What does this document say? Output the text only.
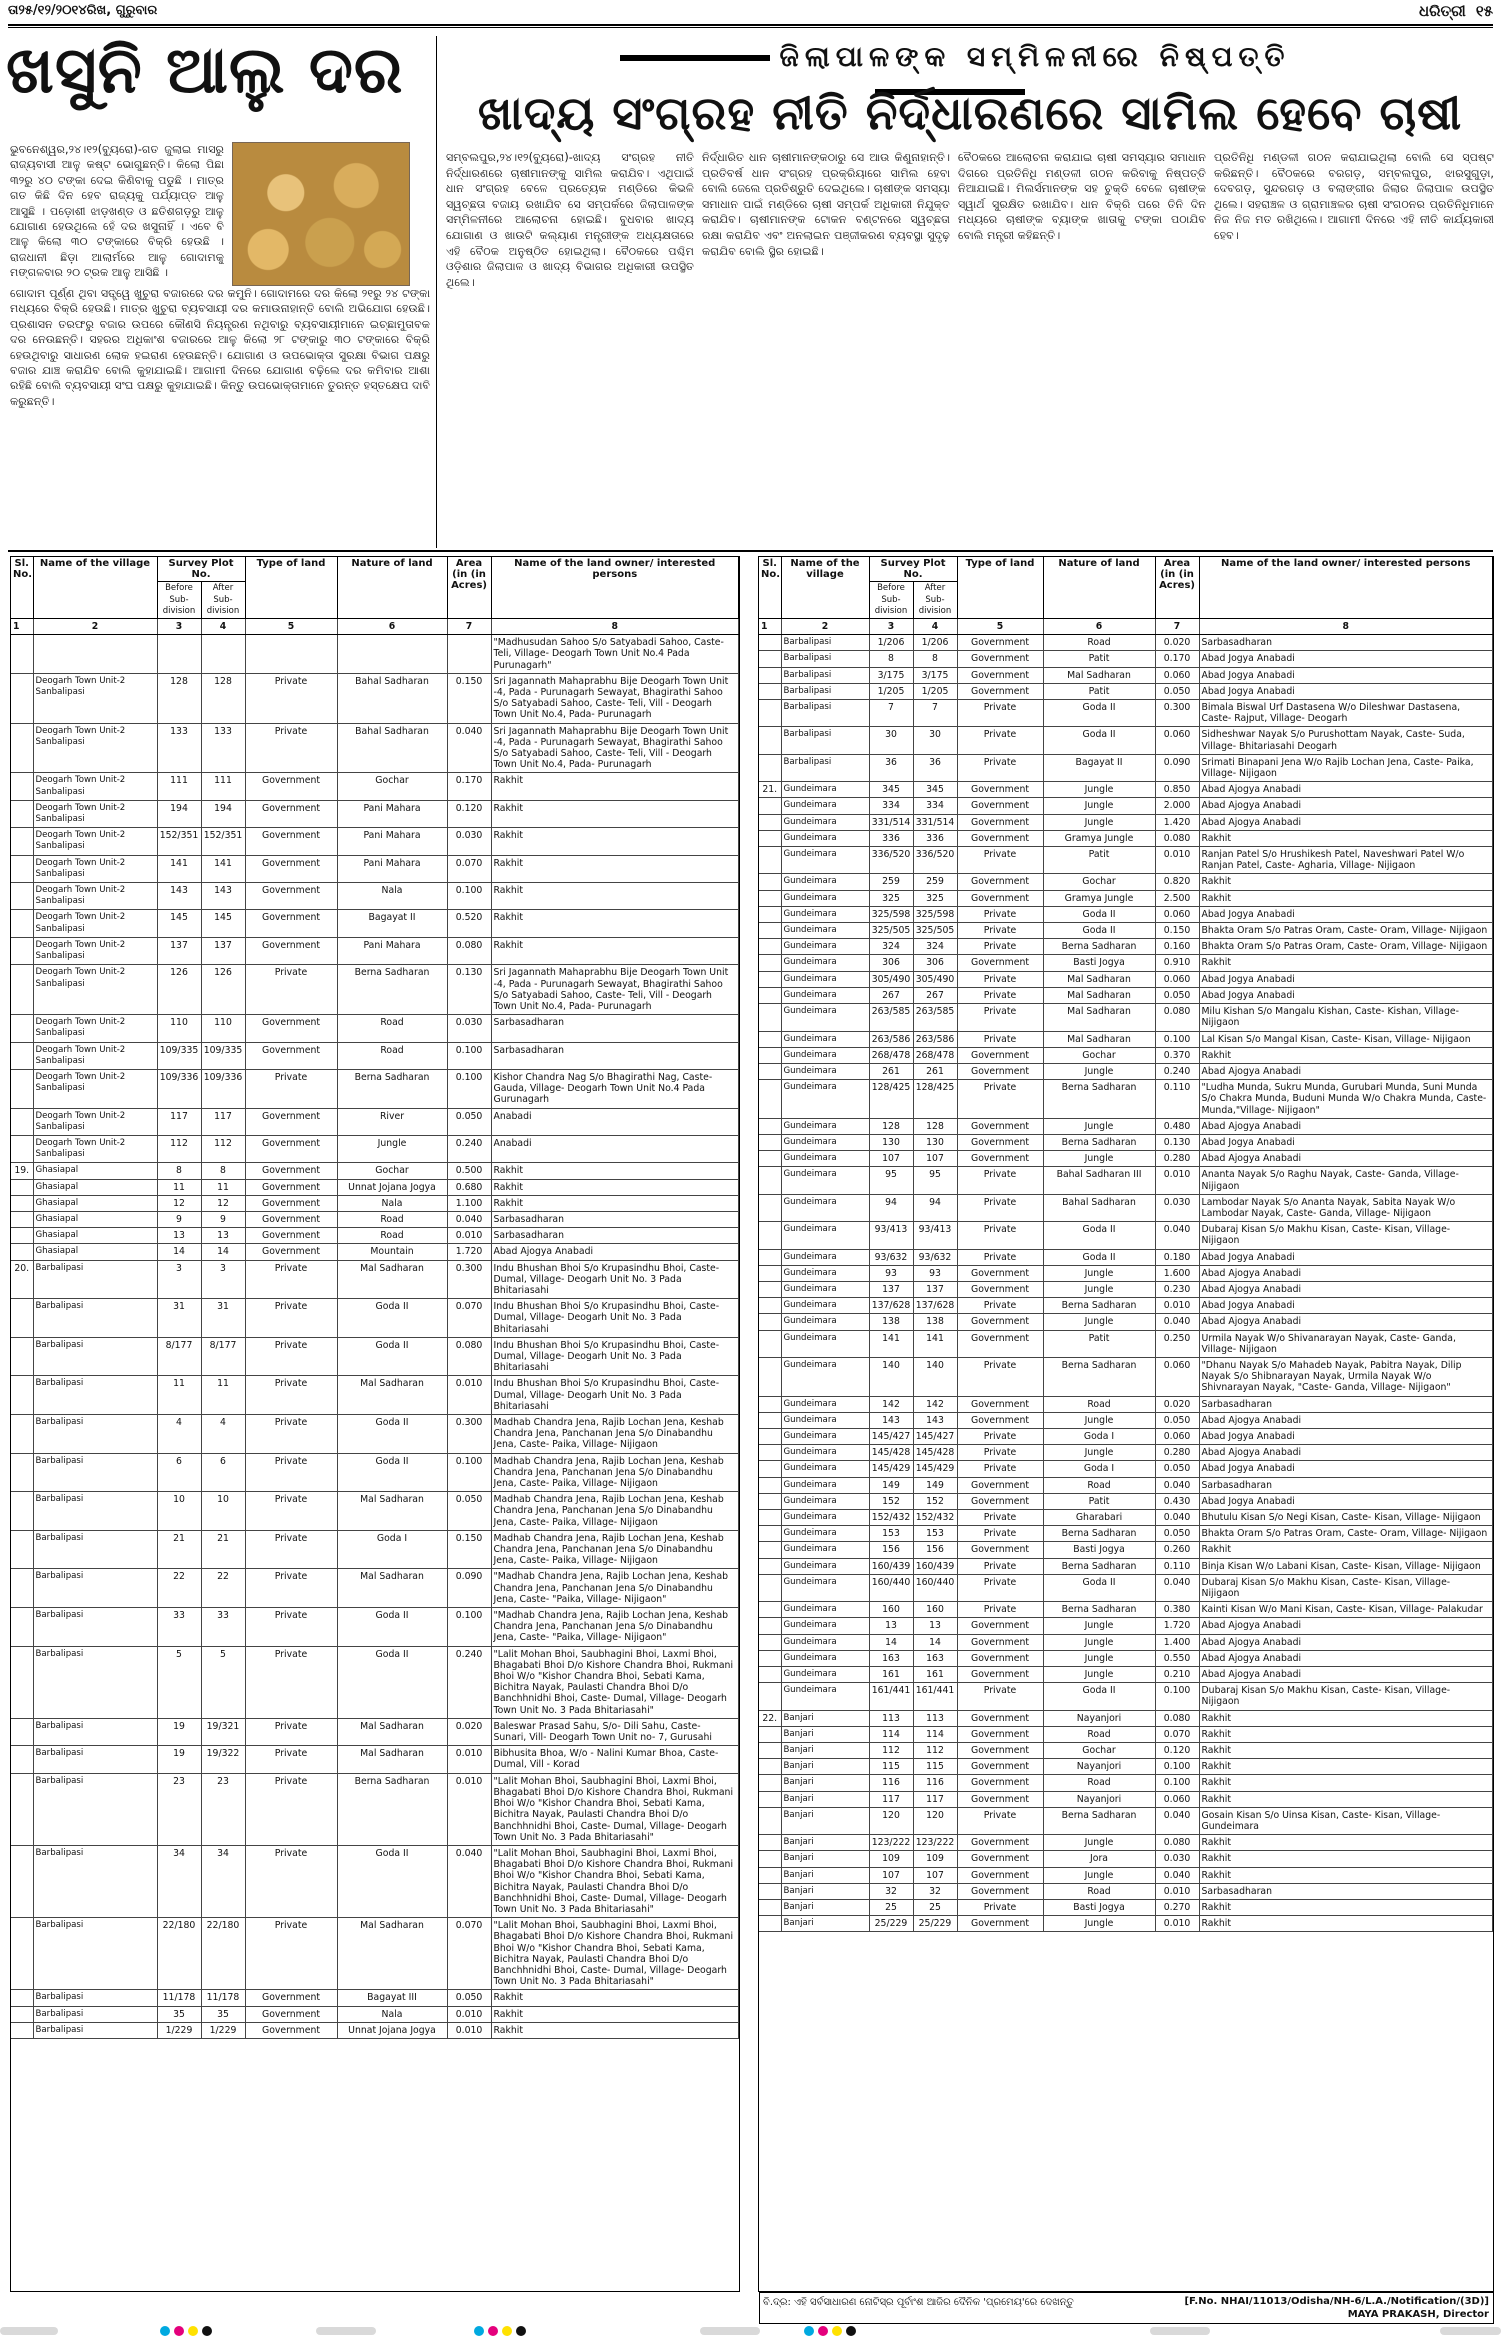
ତା୨୫/୧୨/୨୦୧୪ରିଖ, ଗୁରୁବାର	ଧରିତ୍ରୀ ୧୫
ଖସୁନି ଆଲୁ ଦର
ଭୁବନେଶ୍ୱର,୨୪।୧୨(ବ୍ୟୁରୋ)-ଗତ ଜୁଲାଇ ମାସରୁ ରାଜ୍ୟବାସୀ ଆଳୁ କଷ୍ଟ ଭୋଗୁଛନ୍ତି। କିଲୋ ପିଛା ୩୨ରୁ ୪୦ ଟଙ୍କା ଦେଇ କିଣିବାକୁ ପଡୁଛି । ମାତ୍ର ଗତ କିଛି ଦିନ ହେବ ରାଜ୍ୟକୁ ପର୍ଯ୍ୟାପ୍ତ ଆଳୁ ଆସୁଛି । ପଡ଼ୋଶୀ ଝାଡ଼ଖଣ୍ଡ ଓ ଛତିଶଗଡ଼ରୁ ଆଳୁ ଯୋଗାଣ ହେଉଥିଲେ ହେଁ ଦର ଖସୁନାହିଁ । ଏବେ ବି ଆଳୁ କିଲୋ ୩୦ ଟଙ୍କାରେ ବିକ୍ରି ହେଉଛି । ରାଜଧାନୀ ଛିଡ଼ା ଆଲାର୍ମରେ ଆଳୁ ଗୋଦାମକୁ ମଙ୍ଗଳବାର ୨୦ ଟ୍ରକ ଆଳୁ ଆସିଛି ।
ଗୋଦାମ ପୂର୍ଣ୍ଣ ଥିବା ସତ୍ତ୍ୱେ ଖୁଚୁରା ବଜାରରେ ଦର କମୁନି। ଗୋଦାମରେ ଦର କିଲୋ ୨୧ରୁ ୨୪ ଟଙ୍କା ମଧ୍ୟରେ ବିକ୍ରି ହେଉଛି। ମାତ୍ର ଖୁଚୁରା ବ୍ୟବସାୟୀ ଦର କମାଉନାହାନ୍ତି ବୋଲି ଅଭିଯୋଗ ହେଉଛି। ପ୍ରଶାସନ ତରଫରୁ ବଜାର ଉପରେ କୌଣସି ନିୟନ୍ତ୍ରଣ ନଥିବାରୁ ବ୍ୟବସାୟୀମାନେ ଇଚ୍ଛାମୁତାବକ ଦର ନେଉଛନ୍ତି। ସହରର ଅଧିକାଂଶ ବଜାରରେ ଆଳୁ କିଲୋ ୨୮ ଟଙ୍କାରୁ ୩୦ ଟଙ୍କାରେ ବିକ୍ରି ହେଉଥିବାରୁ ସାଧାରଣ ଲୋକ ହଇରାଣ ହେଉଛନ୍ତି। ଯୋଗାଣ ଓ ଉପଭୋକ୍ତା ସୁରକ୍ଷା ବିଭାଗ ପକ୍ଷରୁ ବଜାର ଯାଞ୍ଚ କରାଯିବ ବୋଲି କୁହାଯାଇଛି। ଆଗାମୀ ଦିନରେ ଯୋଗାଣ ବଢ଼ିଲେ ଦର କମିବାର ଆଶା ରହିଛି ବୋଲି ବ୍ୟବସାୟୀ ସଂଘ ପକ୍ଷରୁ କୁହାଯାଇଛି। କିନ୍ତୁ ଉପଭୋକ୍ତାମାନେ ତୁରନ୍ତ ହସ୍ତକ୍ଷେପ ଦାବି କରୁଛନ୍ତି।
ଜିଲାପାଳଙ୍କ ସମ୍ମିଳନୀରେ ନିଷ୍ପତ୍ତି
ଖାଦ୍ୟ ସଂଗ୍ରହ ନୀତି ନିର୍ଦ୍ଧାରଣରେ ସାମିଲ ହେବେ ଚାଷୀ
ସମ୍ବଲପୁର,୨୪।୧୨(ବ୍ୟୁରୋ)-ଖାଦ୍ୟ ସଂଗ୍ରହ ନୀତି ନିର୍ଦ୍ଧାରଣରେ ଚାଷୀମାନଙ୍କୁ ସାମିଲ କରାଯିବ। ଏଥିପାଇଁ ଧାନ ସଂଗ୍ରହ ବେଳେ ପ୍ରତ୍ୟେକ ମଣ୍ଡିରେ କିଭଳି ସ୍ୱଚ୍ଛତା ବଜାୟ ରଖାଯିବ ସେ ସମ୍ପର୍କରେ ଜିଲାପାଳଙ୍କ ସମ୍ମିଳନୀରେ ଆଲୋଚନା ହୋଇଛି। ବୁଧବାର ଖାଦ୍ୟ ଯୋଗାଣ ଓ ଖାଉଟି କଲ୍ୟାଣ ମନ୍ତ୍ରୀଙ୍କ ଅଧ୍ୟକ୍ଷତାରେ ଏହି ବୈଠକ ଅନୁଷ୍ଠିତ ହୋଇଥିଲା। ବୈଠକରେ ପଶ୍ଚିମ ଓଡ଼ିଶାର ଜିଲାପାଳ ଓ ଖାଦ୍ୟ ବିଭାଗର ଅଧିକାରୀ ଉପସ୍ଥିତ ଥିଲେ।
ନିର୍ଦ୍ଧାରିତ ଧାନ ଚାଷୀମାନଙ୍କଠାରୁ ସେ ଆଉ କିଣୁନାହାନ୍ତି। ପ୍ରତିବର୍ଷ ଧାନ ସଂଗ୍ରହ ପ୍ରକ୍ରିୟାରେ ସାମିଲ ହେବା ବୋଲି ଜେଲେ ପ୍ରତିଶ୍ରୁତି ଦେଇଥିଲେ। ଚାଷୀଙ୍କ ସମସ୍ୟା ସମାଧାନ ପାଇଁ ମଣ୍ଡିରେ ଚାଷୀ ସମ୍ପର୍କ ଅଧିକାରୀ ନିଯୁକ୍ତ କରାଯିବ। ଚାଷୀମାନଙ୍କ ଟୋକନ ବଣ୍ଟନରେ ସ୍ୱଚ୍ଛତା ରକ୍ଷା କରାଯିବ ଏବଂ ଅନଲାଇନ ପଞ୍ଜୀକରଣ ବ୍ୟବସ୍ଥା ସୁଦୃଢ଼ କରାଯିବ ବୋଲି ସ୍ଥିର ହୋଇଛି।
ବୈଠକରେ ଆଲୋଚନା କରାଯାଇ ଚାଷୀ ସମସ୍ୟାର ସମାଧାନ ଦିଗରେ ପ୍ରତିନିଧି ମଣ୍ଡଳୀ ଗଠନ କରିବାକୁ ନିଷ୍ପତ୍ତି ନିଆଯାଇଛି। ମିଲର୍ସମାନଙ୍କ ସହ ଚୁକ୍ତି ବେଳେ ଚାଷୀଙ୍କ ସ୍ୱାର୍ଥ ସୁରକ୍ଷିତ ରଖାଯିବ। ଧାନ ବିକ୍ରି ପରେ ତିନି ଦିନ ମଧ୍ୟରେ ଚାଷୀଙ୍କ ବ୍ୟାଙ୍କ ଖାତାକୁ ଟଙ୍କା ପଠାଯିବ ବୋଲି ମନ୍ତ୍ରୀ କହିଛନ୍ତି।
ପ୍ରତିନିଧି ମଣ୍ଡଳୀ ଗଠନ କରାଯାଇଥିଲା ବୋଲି ସେ ସ୍ପଷ୍ଟ କରିଛନ୍ତି। ବୈଠକରେ ବରଗଡ଼, ସମ୍ବଲପୁର, ଝାରସୁଗୁଡ଼ା, ଦେବଗଡ଼, ସୁନ୍ଦରଗଡ଼ ଓ ବଲାଙ୍ଗୀର ଜିଲାର ଜିଲାପାଳ ଉପସ୍ଥିତ ଥିଲେ। ସହରାଞ୍ଚଳ ଓ ଗ୍ରାମାଞ୍ଚଳର ଚାଷୀ ସଂଗଠନର ପ୍ରତିନିଧିମାନେ ନିଜ ନିଜ ମତ ରଖିଥିଲେ। ଆଗାମୀ ଦିନରେ ଏହି ନୀତି କାର୍ଯ୍ୟକାରୀ ହେବ।
Sl. No.	Name of the village	Survey Plot No.		Type of land	Nature of land	Area (in (in Acres)	Name of the land owner/ interested persons
		Before Sub-division	After Sub-division				
1	2	3	4	5	6	7	8
							"Madhusudan Sahoo S/o Satyabadi Sahoo, Caste- Teli, Village- Deogarh Town Unit No.4 Pada Purunagarh"
	Deogarh Town Unit-2 Sanbalipasi	128	128	Private	Bahal Sadharan	0.150	Sri Jagannath Mahaprabhu Bije Deogarh Town Unit -4, Pada - Purunagarh Sewayat, Bhagirathi Sahoo S/o Satyabadi Sahoo, Caste- Teli, Vill - Deogarh Town Unit No.4, Pada- Purunagarh
	Deogarh Town Unit-2 Sanbalipasi	133	133	Private	Bahal Sadharan	0.040	Sri Jagannath Mahaprabhu Bije Deogarh Town Unit -4, Pada - Purunagarh Sewayat, Bhagirathi Sahoo S/o Satyabadi Sahoo, Caste- Teli, Vill - Deogarh Town Unit No.4, Pada- Purunagarh
	Deogarh Town Unit-2 Sanbalipasi	111	111	Government	Gochar	0.170	Rakhit
	Deogarh Town Unit-2 Sanbalipasi	194	194	Government	Pani Mahara	0.120	Rakhit
	Deogarh Town Unit-2 Sanbalipasi	152/351	152/351	Government	Pani Mahara	0.030	Rakhit
	Deogarh Town Unit-2 Sanbalipasi	141	141	Government	Pani Mahara	0.070	Rakhit
	Deogarh Town Unit-2 Sanbalipasi	143	143	Government	Nala	0.100	Rakhit
	Deogarh Town Unit-2 Sanbalipasi	145	145	Government	Bagayat II	0.520	Rakhit
	Deogarh Town Unit-2 Sanbalipasi	137	137	Government	Pani Mahara	0.080	Rakhit
	Deogarh Town Unit-2 Sanbalipasi	126	126	Private	Berna Sadharan	0.130	Sri Jagannath Mahaprabhu Bije Deogarh Town Unit -4, Pada - Purunagarh Sewayat, Bhagirathi Sahoo S/o Satyabadi Sahoo, Caste- Teli, Vill - Deogarh Town Unit No.4, Pada- Purunagarh
	Deogarh Town Unit-2 Sanbalipasi	110	110	Government	Road	0.030	Sarbasadharan
	Deogarh Town Unit-2 Sanbalipasi	109/335	109/335	Government	Road	0.100	Sarbasadharan
	Deogarh Town Unit-2 Sanbalipasi	109/336	109/336	Private	Berna Sadharan	0.100	Kishor Chandra Nag S/o Bhagirathi Nag, Caste- Gauda, Village- Deogarh Town Unit No.4 Pada Gurunagarh
	Deogarh Town Unit-2 Sanbalipasi	117	117	Government	River	0.050	Anabadi
	Deogarh Town Unit-2 Sanbalipasi	112	112	Government	Jungle	0.240	Anabadi
19.	Ghasiapal	8	8	Government	Gochar	0.500	Rakhit
	Ghasiapal	11	11	Government	Unnat Jojana Jogya	0.680	Rakhit
	Ghasiapal	12	12	Government	Nala	1.100	Rakhit
	Ghasiapal	9	9	Government	Road	0.040	Sarbasadharan
	Ghasiapal	13	13	Government	Road	0.010	Sarbasadharan
	Ghasiapal	14	14	Government	Mountain	1.720	Abad Ajogya Anabadi
20.	Barbalipasi	3	3	Private	Mal Sadharan	0.300	Indu Bhushan Bhoi S/o Krupasindhu Bhoi, Caste- Dumal, Village- Deogarh Unit No. 3 Pada Bhitariasahi
	Barbalipasi	31	31	Private	Goda II	0.070	Indu Bhushan Bhoi S/o Krupasindhu Bhoi, Caste- Dumal, Village- Deogarh Unit No. 3 Pada Bhitariasahi
	Barbalipasi	8/177	8/177	Private	Goda II	0.080	Indu Bhushan Bhoi S/o Krupasindhu Bhoi, Caste- Dumal, Village- Deogarh Unit No. 3 Pada Bhitariasahi
	Barbalipasi	11	11	Private	Mal Sadharan	0.010	Indu Bhushan Bhoi S/o Krupasindhu Bhoi, Caste- Dumal, Village- Deogarh Unit No. 3 Pada Bhitariasahi
	Barbalipasi	4	4	Private	Goda II	0.300	Madhab Chandra Jena, Rajib Lochan Jena, Keshab Chandra Jena, Panchanan Jena S/o Dinabandhu Jena, Caste- Paika, Village- Nijigaon
	Barbalipasi	6	6	Private	Goda II	0.100	Madhab Chandra Jena, Rajib Lochan Jena, Keshab Chandra Jena, Panchanan Jena S/o Dinabandhu Jena, Caste- Paika, Village- Nijigaon
	Barbalipasi	10	10	Private	Mal Sadharan	0.050	Madhab Chandra Jena, Rajib Lochan Jena, Keshab Chandra Jena, Panchanan Jena S/o Dinabandhu Jena, Caste- Paika, Village- Nijigaon
	Barbalipasi	21	21	Private	Goda I	0.150	Madhab Chandra Jena, Rajib Lochan Jena, Keshab Chandra Jena, Panchanan Jena S/o Dinabandhu Jena, Caste- Paika, Village- Nijigaon
	Barbalipasi	22	22	Private	Mal Sadharan	0.090	"Madhab Chandra Jena, Rajib Lochan Jena, Keshab Chandra Jena, Panchanan Jena S/o Dinabandhu Jena, Caste- "Paika, Village- Nijigaon"
	Barbalipasi	33	33	Private	Goda II	0.100	"Madhab Chandra Jena, Rajib Lochan Jena, Keshab Chandra Jena, Panchanan Jena S/o Dinabandhu Jena, Caste- "Paika, Village- Nijigaon"
	Barbalipasi	5	5	Private	Goda II	0.240	"Lalit Mohan Bhoi, Saubhagini Bhoi, Laxmi Bhoi, Bhagabati Bhoi D/o Kishore Chandra Bhoi, Rukmani Bhoi W/o "Kishor Chandra Bhoi, Sebati Kama, Bichitra Nayak, Paulasti Chandra Bhoi D/o Banchhnidhi Bhoi, Caste- Dumal, Village- Deogarh Town Unit No. 3 Pada Bhitariasahi"
	Barbalipasi	19	19/321	Private	Mal Sadharan	0.020	Baleswar Prasad Sahu, S/o- Dili Sahu, Caste- Sunari, Vill- Deogarh Town Unit no- 7, Gurusahi
	Barbalipasi	19	19/322	Private	Mal Sadharan	0.010	Bibhusita Bhoa, W/o - Nalini Kumar Bhoa, Caste- Dumal, Vill - Korad
	Barbalipasi	23	23	Private	Berna Sadharan	0.010	"Lalit Mohan Bhoi, Saubhagini Bhoi, Laxmi Bhoi, Bhagabati Bhoi D/o Kishore Chandra Bhoi, Rukmani Bhoi W/o "Kishor Chandra Bhoi, Sebati Kama, Bichitra Nayak, Paulasti Chandra Bhoi D/o Banchhnidhi Bhoi, Caste- Dumal, Village- Deogarh Town Unit No. 3 Pada Bhitariasahi"
	Barbalipasi	34	34	Private	Goda II	0.040	"Lalit Mohan Bhoi, Saubhagini Bhoi, Laxmi Bhoi, Bhagabati Bhoi D/o Kishore Chandra Bhoi, Rukmani Bhoi W/o "Kishor Chandra Bhoi, Sebati Kama, Bichitra Nayak, Paulasti Chandra Bhoi D/o Banchhnidhi Bhoi, Caste- Dumal, Village- Deogarh Town Unit No. 3 Pada Bhitariasahi"
	Barbalipasi	22/180	22/180	Private	Mal Sadharan	0.070	"Lalit Mohan Bhoi, Saubhagini Bhoi, Laxmi Bhoi, Bhagabati Bhoi D/o Kishore Chandra Bhoi, Rukmani Bhoi W/o "Kishor Chandra Bhoi, Sebati Kama, Bichitra Nayak, Paulasti Chandra Bhoi D/o Banchhnidhi Bhoi, Caste- Dumal, Village- Deogarh Town Unit No. 3 Pada Bhitariasahi"
	Barbalipasi	11/178	11/178	Government	Bagayat III	0.050	Rakhit
	Barbalipasi	35	35	Government	Nala	0.010	Rakhit
	Barbalipasi	1/229	1/229	Government	Unnat Jojana Jogya	0.010	Rakhit
Sl. No.	Name of the village	Survey Plot No.		Type of land	Nature of land	Area (in (in Acres)	Name of the land owner/ interested persons
		Before Sub-division	After Sub-division				
1	2	3	4	5	6	7	8
	Barbalipasi	1/206	1/206	Government	Road	0.020	Sarbasadharan
	Barbalipasi	8	8	Government	Patit	0.170	Abad Jogya Anabadi
	Barbalipasi	3/175	3/175	Government	Mal Sadharan	0.060	Abad Jogya Anabadi
	Barbalipasi	1/205	1/205	Government	Patit	0.050	Abad Jogya Anabadi
	Barbalipasi	7	7	Private	Goda II	0.300	Bimala Biswal Urf Dastasena W/o Dileshwar Dastasena, Caste- Rajput, Village- Deogarh
	Barbalipasi	30	30	Private	Goda II	0.060	Sidheshwar Nayak S/o Purushottam Nayak, Caste- Suda, Village- Bhitariasahi Deogarh
	Barbalipasi	36	36	Private	Bagayat II	0.090	Srimati Binapani Jena W/o Rajib Lochan Jena, Caste- Paika, Village- Nijigaon
21.	Gundeimara	345	345	Government	Jungle	0.850	Abad Ajogya Anabadi
	Gundeimara	334	334	Government	Jungle	2.000	Abad Ajogya Anabadi
	Gundeimara	331/514	331/514	Government	Jungle	1.420	Abad Ajogya Anabadi
	Gundeimara	336	336	Government	Gramya Jungle	0.080	Rakhit
	Gundeimara	336/520	336/520	Private	Patit	0.010	Ranjan Patel S/o Hrushikesh Patel, Naveshwari Patel W/o Ranjan Patel, Caste- Agharia, Village- Nijigaon
	Gundeimara	259	259	Government	Gochar	0.820	Rakhit
	Gundeimara	325	325	Government	Gramya Jungle	2.500	Rakhit
	Gundeimara	325/598	325/598	Private	Goda II	0.060	Abad Jogya Anabadi
	Gundeimara	325/505	325/505	Private	Goda II	0.150	Bhakta Oram S/o Patras Oram, Caste- Oram, Village- Nijigaon
	Gundeimara	324	324	Private	Berna Sadharan	0.160	Bhakta Oram S/o Patras Oram, Caste- Oram, Village- Nijigaon
	Gundeimara	306	306	Government	Basti Jogya	0.910	Rakhit
	Gundeimara	305/490	305/490	Private	Mal Sadharan	0.060	Abad Jogya Anabadi
	Gundeimara	267	267	Private	Mal Sadharan	0.050	Abad Jogya Anabadi
	Gundeimara	263/585	263/585	Private	Mal Sadharan	0.080	Milu Kishan S/o Mangalu Kishan, Caste- Kishan, Village- Nijigaon
	Gundeimara	263/586	263/586	Private	Mal Sadharan	0.100	Lal Kisan S/o Mangal Kisan, Caste- Kisan, Village- Nijigaon
	Gundeimara	268/478	268/478	Government	Gochar	0.370	Rakhit
	Gundeimara	261	261	Government	Jungle	0.240	Abad Ajogya Anabadi
	Gundeimara	128/425	128/425	Private	Berna Sadharan	0.110	"Ludha Munda, Sukru Munda, Gurubari Munda, Suni Munda S/o Chakra Munda, Buduni Munda W/o Chakra Munda, Caste- Munda,"Village- Nijigaon"
	Gundeimara	128	128	Government	Jungle	0.480	Abad Ajogya Anabadi
	Gundeimara	130	130	Government	Berna Sadharan	0.130	Abad Jogya Anabadi
	Gundeimara	107	107	Government	Jungle	0.280	Abad Ajogya Anabadi
	Gundeimara	95	95	Private	Bahal Sadharan III	0.010	Ananta Nayak S/o Raghu Nayak, Caste- Ganda, Village- Nijigaon
	Gundeimara	94	94	Private	Bahal Sadharan	0.030	Lambodar Nayak S/o Ananta Nayak, Sabita Nayak W/o Lambodar Nayak, Caste- Ganda, Village- Nijigaon
	Gundeimara	93/413	93/413	Private	Goda II	0.040	Dubaraj Kisan S/o Makhu Kisan, Caste- Kisan, Village- Nijigaon
	Gundeimara	93/632	93/632	Private	Goda II	0.180	Abad Jogya Anabadi
	Gundeimara	93	93	Government	Jungle	1.600	Abad Ajogya Anabadi
	Gundeimara	137	137	Government	Jungle	0.230	Abad Ajogya Anabadi
	Gundeimara	137/628	137/628	Private	Berna Sadharan	0.010	Abad Jogya Anabadi
	Gundeimara	138	138	Government	Jungle	0.040	Abad Ajogya Anabadi
	Gundeimara	141	141	Government	Patit	0.250	Urmila Nayak W/o Shivanarayan Nayak, Caste- Ganda, Village- Nijigaon
	Gundeimara	140	140	Private	Berna Sadharan	0.060	"Dhanu Nayak S/o Mahadeb Nayak, Pabitra Nayak, Dilip Nayak S/o Shibnarayan Nayak, Urmila Nayak W/o Shivnarayan Nayak, "Caste- Ganda, Village- Nijigaon"
	Gundeimara	142	142	Government	Road	0.020	Sarbasadharan
	Gundeimara	143	143	Government	Jungle	0.050	Abad Ajogya Anabadi
	Gundeimara	145/427	145/427	Private	Goda I	0.060	Abad Jogya Anabadi
	Gundeimara	145/428	145/428	Private	Jungle	0.280	Abad Ajogya Anabadi
	Gundeimara	145/429	145/429	Private	Goda I	0.050	Abad Jogya Anabadi
	Gundeimara	149	149	Government	Road	0.040	Sarbasadharan
	Gundeimara	152	152	Government	Patit	0.430	Abad Jogya Anabadi
	Gundeimara	152/432	152/432	Private	Gharabari	0.040	Bhutulu Kisan S/o Negi Kisan, Caste- Kisan, Village- Nijigaon
	Gundeimara	153	153	Private	Berna Sadharan	0.050	Bhakta Oram S/o Patras Oram, Caste- Oram, Village- Nijigaon
	Gundeimara	156	156	Government	Basti Jogya	0.260	Rakhit
	Gundeimara	160/439	160/439	Private	Berna Sadharan	0.110	Binja Kisan W/o Labani Kisan, Caste- Kisan, Village- Nijigaon
	Gundeimara	160/440	160/440	Private	Goda II	0.040	Dubaraj Kisan S/o Makhu Kisan, Caste- Kisan, Village- Nijigaon
	Gundeimara	160	160	Private	Berna Sadharan	0.380	Kainti Kisan W/o Mani Kisan, Caste- Kisan, Village- Palakudar
	Gundeimara	13	13	Government	Jungle	1.720	Abad Ajogya Anabadi
	Gundeimara	14	14	Government	Jungle	1.400	Abad Ajogya Anabadi
	Gundeimara	163	163	Government	Jungle	0.550	Abad Ajogya Anabadi
	Gundeimara	161	161	Government	Jungle	0.210	Abad Ajogya Anabadi
	Gundeimara	161/441	161/441	Private	Goda II	0.100	Dubaraj Kisan S/o Makhu Kisan, Caste- Kisan, Village- Nijigaon
22.	Banjari	113	113	Government	Nayanjori	0.080	Rakhit
	Banjari	114	114	Government	Road	0.070	Rakhit
	Banjari	112	112	Government	Gochar	0.120	Rakhit
	Banjari	115	115	Government	Nayanjori	0.100	Rakhit
	Banjari	116	116	Government	Road	0.100	Rakhit
	Banjari	117	117	Government	Nayanjori	0.060	Rakhit
	Banjari	120	120	Private	Berna Sadharan	0.040	Gosain Kisan S/o Uinsa Kisan, Caste- Kisan, Village- Gundeimara
	Banjari	123/222	123/222	Government	Jungle	0.080	Rakhit
	Banjari	109	109	Government	Jora	0.030	Rakhit
	Banjari	107	107	Government	Jungle	0.040	Rakhit
	Banjari	32	32	Government	Road	0.010	Sarbasadharan
	Banjari	25	25	Private	Basti Jogya	0.270	Rakhit
	Banjari	25/229	25/229	Government	Jungle	0.010	Rakhit
ବି.ଦ୍ର: ଏହି ସର୍ବସାଧାରଣ ନୋଟିସ୍‌ର ପୂର୍ବାଂଶ ଆଜିର ଦୈନିକ 'ପ୍ରମେୟ'ରେ ଦେଖନ୍ତୁ	[F.No. NHAI/11013/Odisha/NH-6/L.A./Notification/(3D)]
MAYA PRAKASH, Director
